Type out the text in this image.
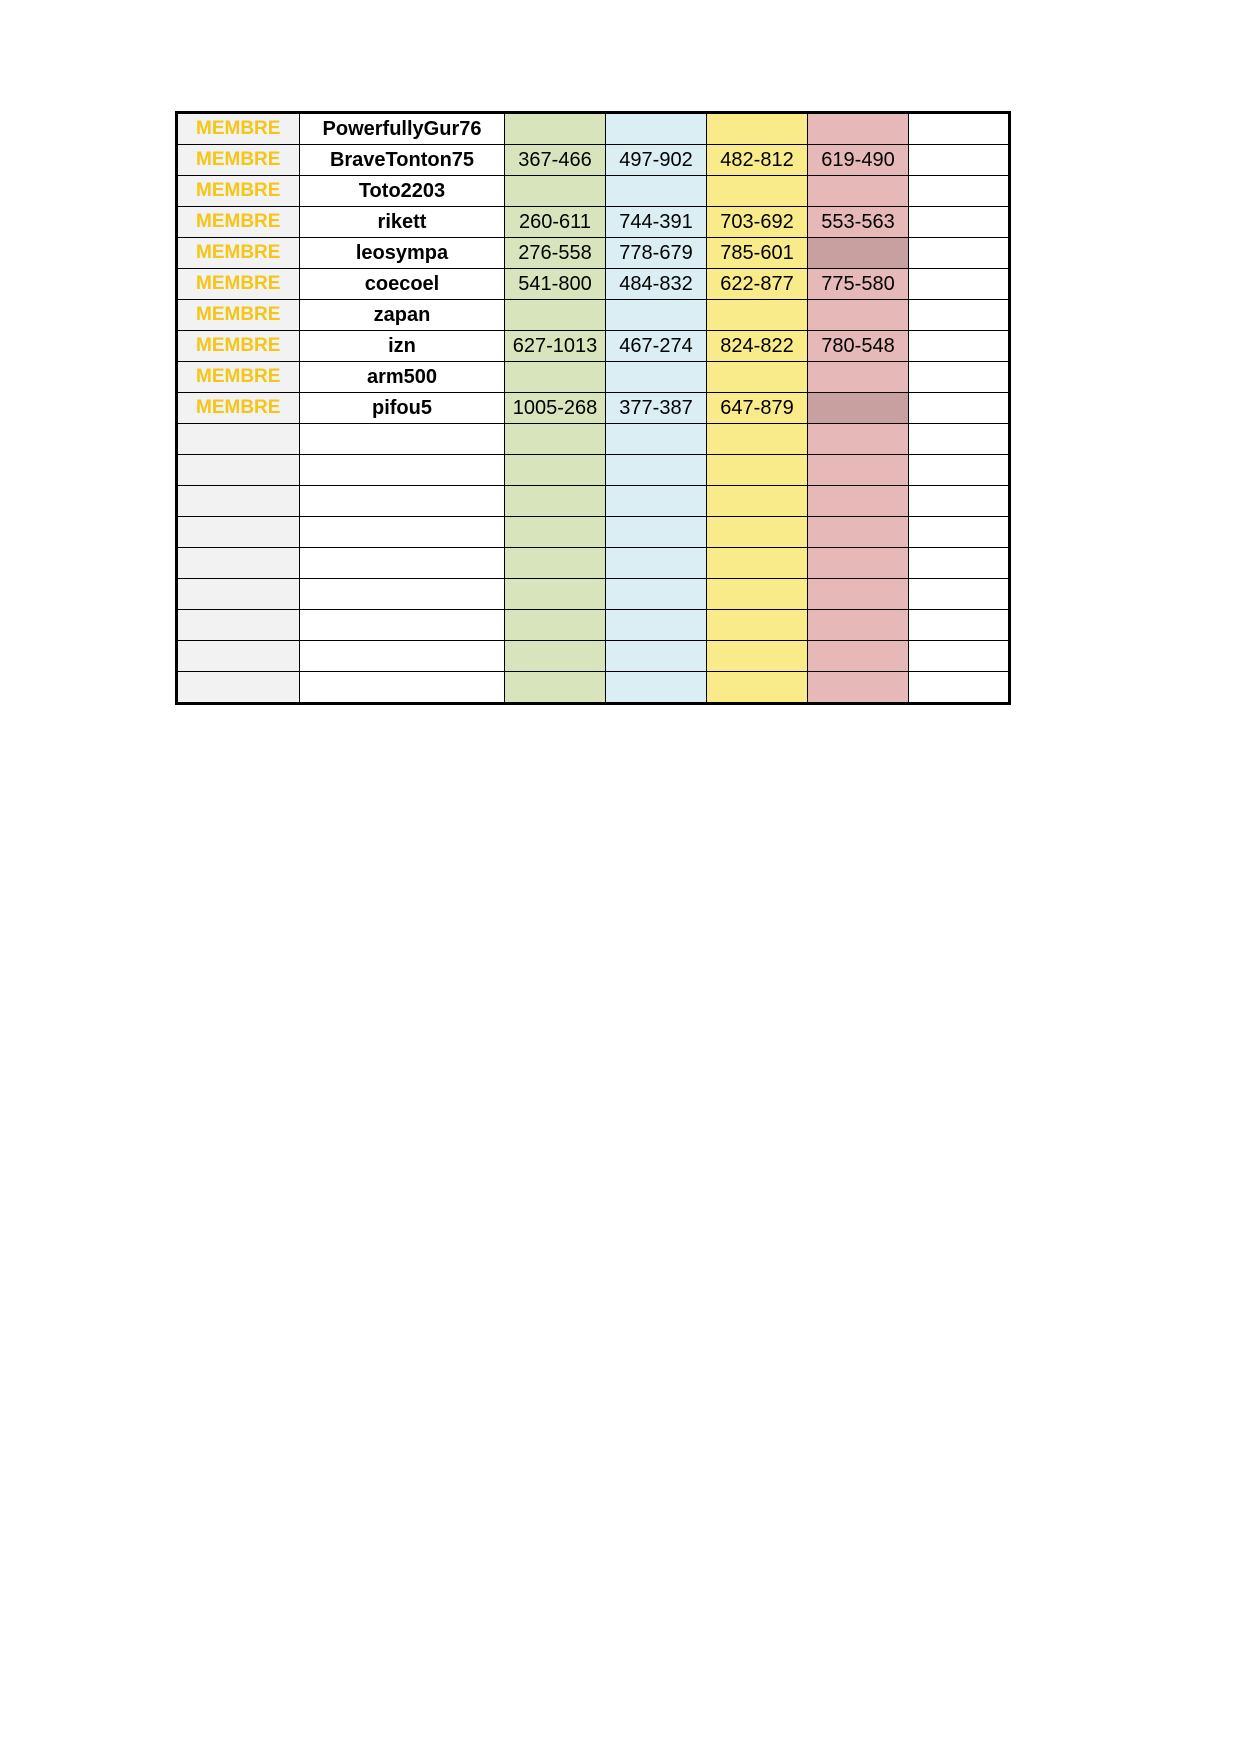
MEMBRE	PowerfullyGur76					
MEMBRE	BraveTonton75	367-466	497-902	482-812	619-490	
MEMBRE	Toto2203					
MEMBRE	rikett	260-611	744-391	703-692	553-563	
MEMBRE	leosympa	276-558	778-679	785-601		
MEMBRE	coecoel	541-800	484-832	622-877	775-580	
MEMBRE	zapan					
MEMBRE	izn	627-1013	467-274	824-822	780-548	
MEMBRE	arm500					
MEMBRE	pifou5	1005-268	377-387	647-879		
